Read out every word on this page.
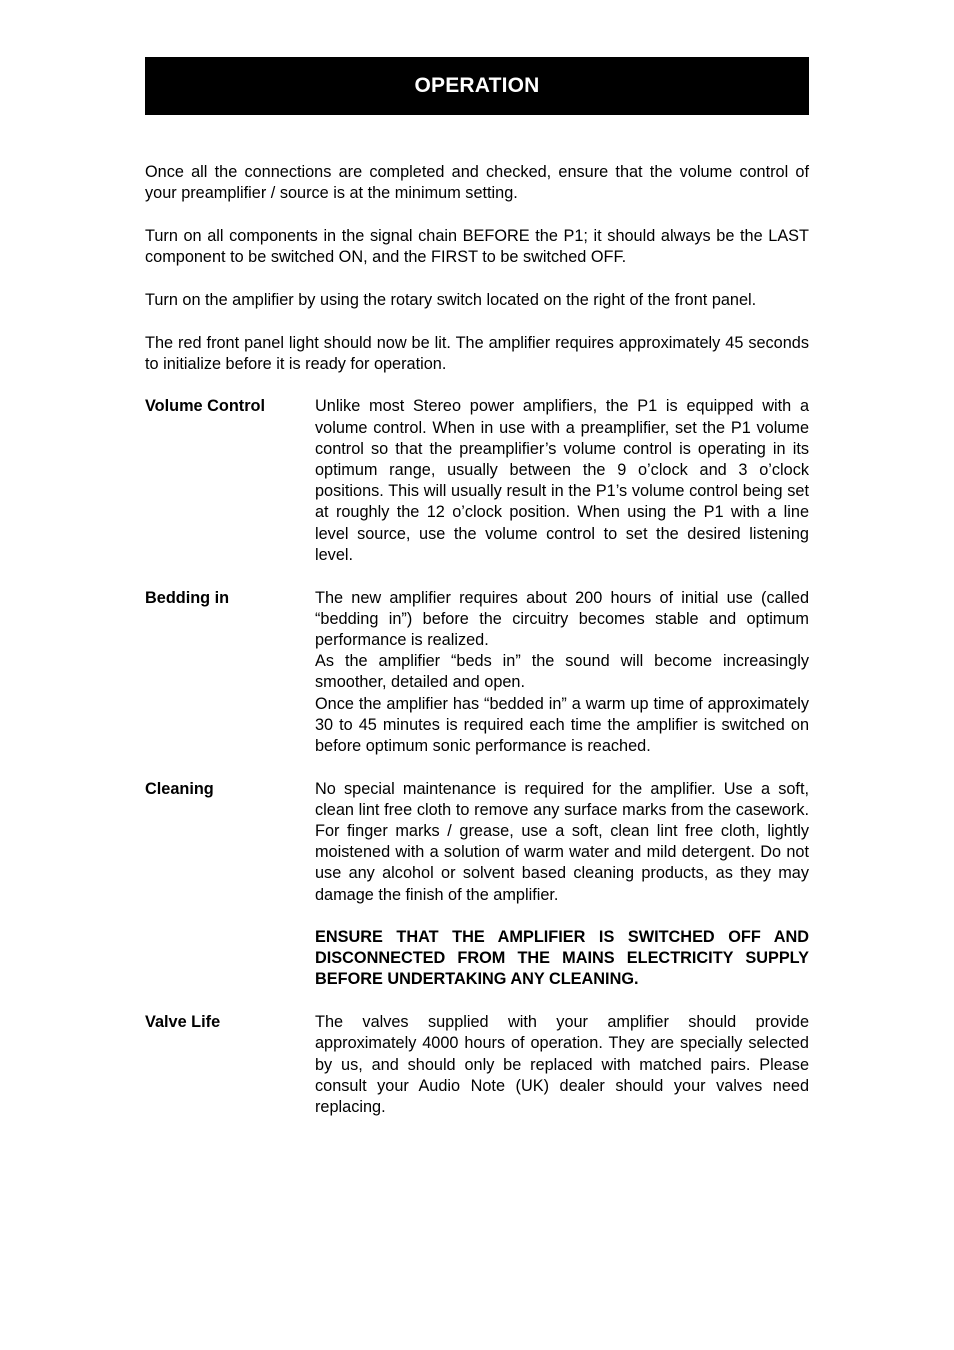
OPERATION

Once all the connections are completed and checked, ensure that the volume control of your preamplifier / source is at the minimum setting.

Turn on all components in the signal chain BEFORE the P1; it should always be the LAST component to be switched ON, and the FIRST to be switched OFF.

Turn on the amplifier by using the rotary switch located on the right of the front panel.

The red front panel light should now be lit. The amplifier requires approximately 45 seconds to initialize before it is ready for operation.

Volume Control	Unlike most Stereo power amplifiers, the P1 is equipped with a volume control. When in use with a preamplifier, set the P1 volume control so that the preamplifier’s volume control is operating in its optimum range, usually between the 9 o’clock and 3 o’clock positions. This will usually result in the P1’s volume control being set at roughly the 12 o’clock position. When using the P1 with a line level source, use the volume control to set the desired listening level.

Bedding in	The new amplifier requires about 200 hours of initial use (called “bedding in”) before the circuitry becomes stable and optimum performance is realized.

As the amplifier “beds in” the sound will become increasingly smoother, detailed and open.

Once the amplifier has “bedded in” a warm up time of approximately 30 to 45 minutes is required each time the amplifier is switched on before optimum sonic performance is reached.

Cleaning	No special maintenance is required for the amplifier. Use a soft, clean lint free cloth to remove any surface marks from the casework. For finger marks / grease, use a soft, clean lint free cloth, lightly moistened with a solution of warm water and mild detergent. Do not use any alcohol or solvent based cleaning products, as they may damage the finish of the amplifier.

ENSURE THAT THE AMPLIFIER IS SWITCHED OFF AND DISCONNECTED FROM THE MAINS ELECTRICITY SUPPLY BEFORE UNDERTAKING ANY CLEANING.

Valve Life	The valves supplied with your amplifier should provide approximately 4000 hours of operation. They are specially selected by us, and should only be replaced with matched pairs. Please consult your Audio Note (UK) dealer should your valves need replacing.
